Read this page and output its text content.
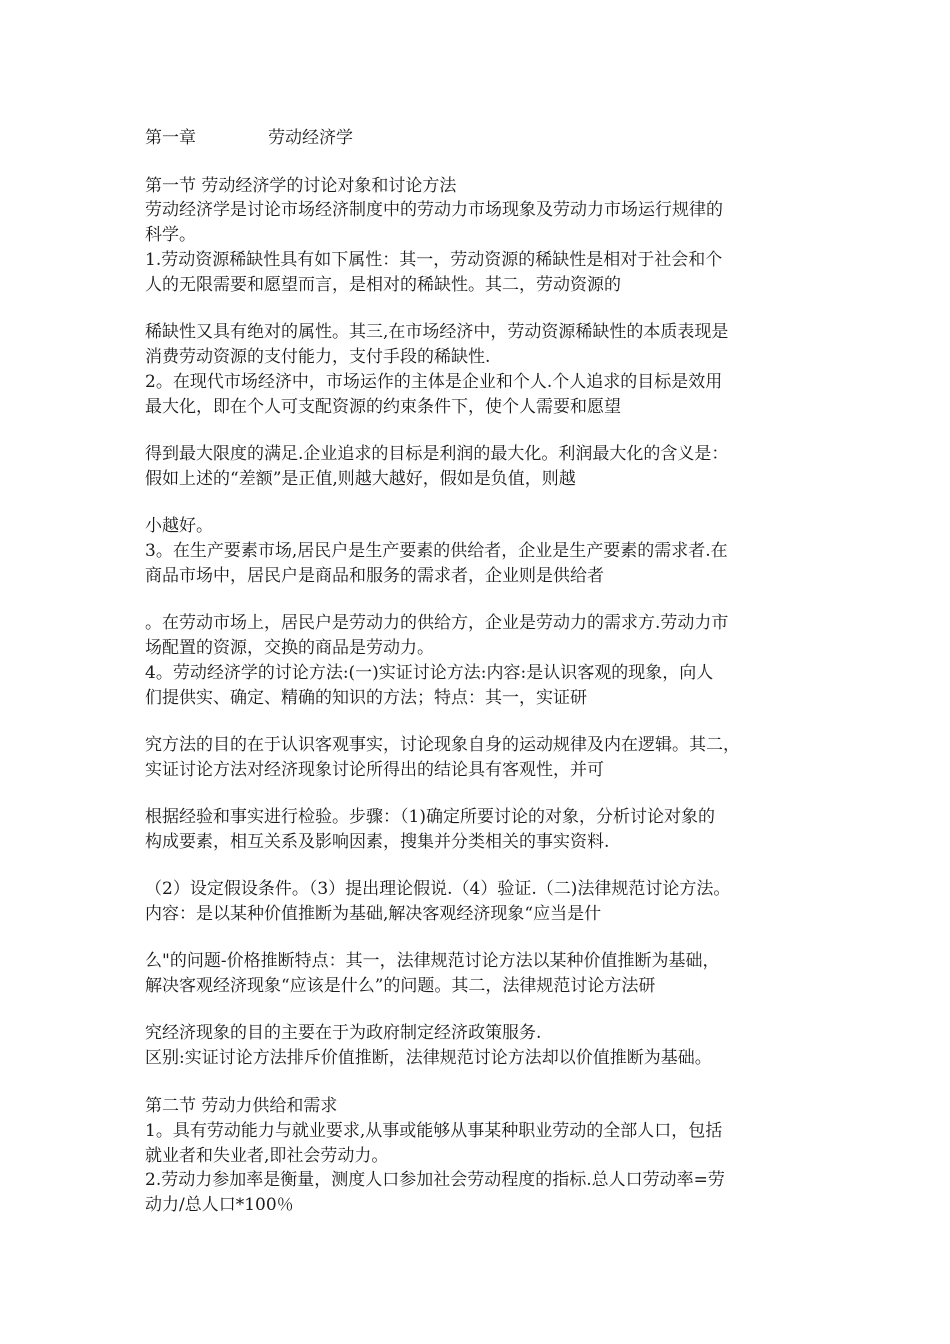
第一章	劳动经济学
第一节 劳动经济学的讨论对象和讨论方法
劳动经济学是讨论市场经济制度中的劳动力市场现象及劳动力市场运行规律的
科学。
1.劳动资源稀缺性具有如下属性：其一，劳动资源的稀缺性是相对于社会和个
人的无限需要和愿望而言，是相对的稀缺性。其二，劳动资源的
稀缺性又具有绝对的属性。其三,在市场经济中，劳动资源稀缺性的本质表现是
消费劳动资源的支付能力，支付手段的稀缺性.
2。在现代市场经济中，市场运作的主体是企业和个人.个人追求的目标是效用
最大化，即在个人可支配资源的约束条件下，使个人需要和愿望
得到最大限度的满足.企业追求的目标是利润的最大化。利润最大化的含义是：
假如上述的“差额”是正值,则越大越好，假如是负值，则越
小越好。
3。在生产要素市场,居民户是生产要素的供给者，企业是生产要素的需求者.在
商品市场中，居民户是商品和服务的需求者，企业则是供给者
。在劳动市场上，居民户是劳动力的供给方，企业是劳动力的需求方.劳动力市
场配置的资源，交换的商品是劳动力。
4。劳动经济学的讨论方法:(一)实证讨论方法:内容:是认识客观的现象，向人
们提供实、确定、精确的知识的方法；特点：其一，实证研
究方法的目的在于认识客观事实，讨论现象自身的运动规律及内在逻辑。其二，
实证讨论方法对经济现象讨论所得出的结论具有客观性，并可
根据经验和事实进行检验。步骤：（1)确定所要讨论的对象，分析讨论对象的
构成要素，相互关系及影响因素，搜集并分类相关的事实资料.
（2）设定假设条件。（3）提出理论假说.（4）验证.（二)法律规范讨论方法。
内容：是以某种价值推断为基础,解决客观经济现象“应当是什
么"的问题-价格推断特点：其一，法律规范讨论方法以某种价值推断为基础，
解决客观经济现象“应该是什么”的问题。其二，法律规范讨论方法研
究经济现象的目的主要在于为政府制定经济政策服务.
区别:实证讨论方法排斥价值推断，法律规范讨论方法却以价值推断为基础。
第二节 劳动力供给和需求
1。具有劳动能力与就业要求,从事或能够从事某种职业劳动的全部人口，包括
就业者和失业者,即社会劳动力。
2.劳动力参加率是衡量，测度人口参加社会劳动程度的指标.总人口劳动率=劳
动力/总人口*100％
